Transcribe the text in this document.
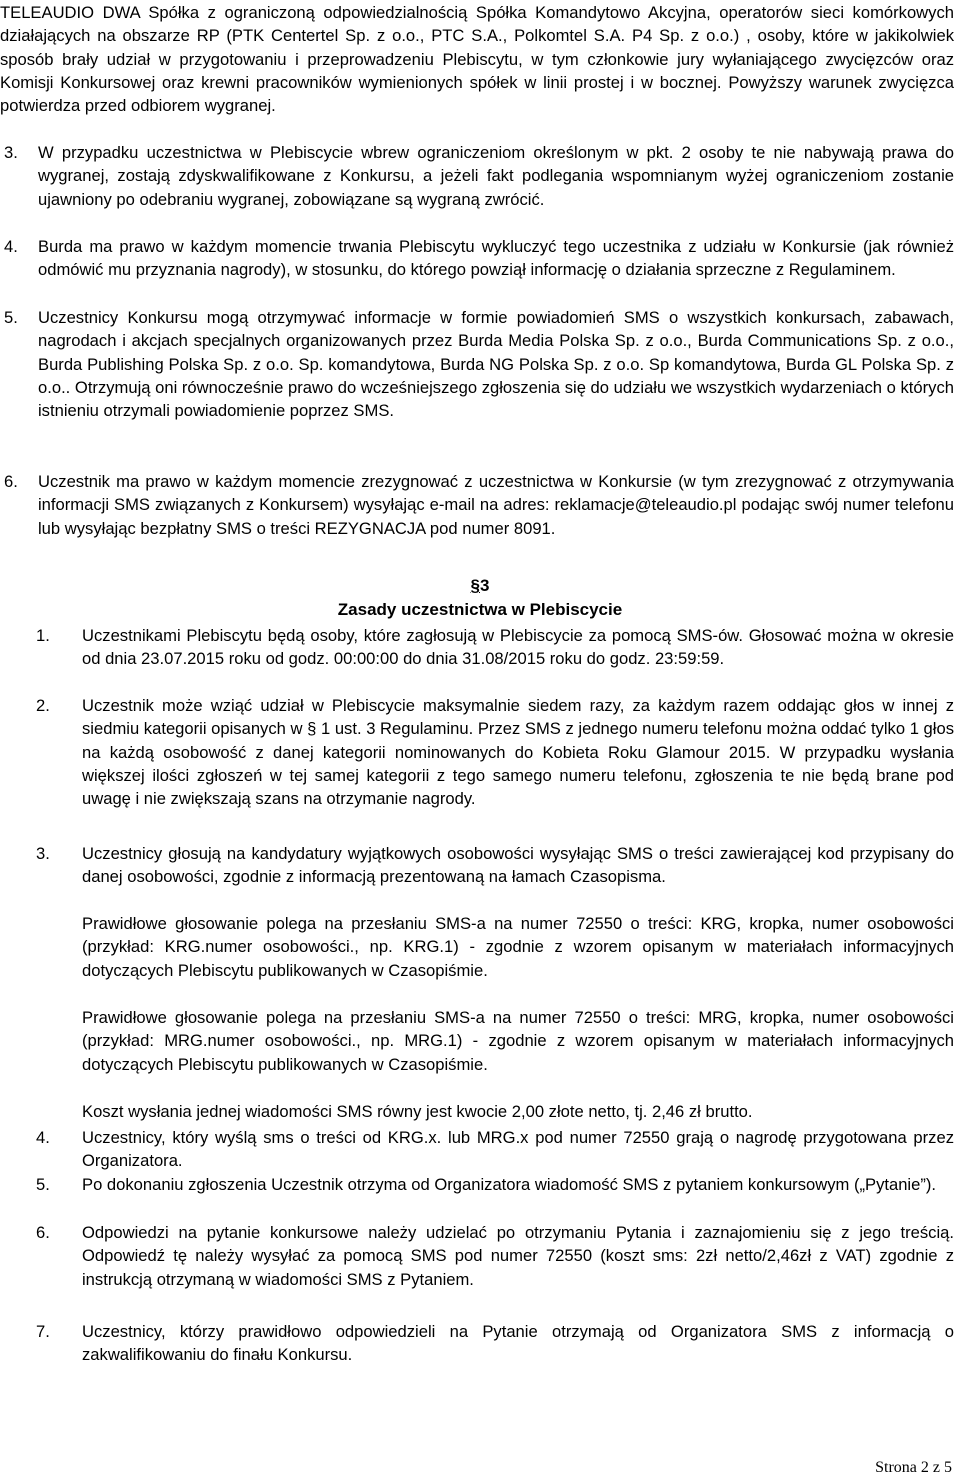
TELEAUDIO DWA Spółka z ograniczoną odpowiedzialnością Spółka Komandytowo Akcyjna, operatorów sieci komórkowych działających na obszarze RP (PTK Centertel Sp. z o.o., PTC S.A., Polkomtel S.A. P4 Sp. z o.o.) , osoby, które w jakikolwiek sposób brały udział w przygotowaniu i przeprowadzeniu Plebiscytu, w tym członkowie jury wyłaniającego zwycięzców oraz Komisji Konkursowej oraz krewni pracowników wymienionych spółek w linii prostej i w bocznej. Powyższy warunek zwycięzca potwierdza przed odbiorem wygranej.
3. W przypadku uczestnictwa w Plebiscycie wbrew ograniczeniom określonym w pkt. 2 osoby te nie nabywają prawa do wygranej, zostają zdyskwalifikowane z Konkursu, a jeżeli fakt podlegania wspomnianym wyżej ograniczeniom zostanie ujawniony po odebraniu wygranej, zobowiązane są wygraną zwrócić.
4. Burda ma prawo w każdym momencie trwania Plebiscytu wykluczyć tego uczestnika z udziału w Konkursie (jak również odmówić mu przyznania nagrody), w stosunku, do którego powziął informację o działania sprzeczne z Regulaminem.
5. Uczestnicy Konkursu mogą otrzymywać informacje w formie powiadomień SMS o wszystkich konkursach, zabawach, nagrodach i akcjach specjalnych organizowanych przez Burda Media Polska Sp. z o.o., Burda Communications Sp. z o.o., Burda Publishing Polska Sp. z o.o. Sp. komandytowa, Burda NG Polska Sp. z o.o. Sp komandytowa, Burda GL Polska Sp. z o.o.. Otrzymują oni równocześnie prawo do wcześniejszego zgłoszenia się do udziału we wszystkich wydarzeniach o których istnieniu otrzymali powiadomienie poprzez SMS.
6. Uczestnik ma prawo w każdym momencie zrezygnować z uczestnictwa w Konkursie (w tym zrezygnować z otrzymywania informacji SMS związanych z Konkursem) wysyłając e-mail na adres: reklamacje@teleaudio.pl podając swój numer telefonu lub wysyłając bezpłatny SMS o treści REZYGNACJA pod numer 8091.
§3
Zasady uczestnictwa w Plebiscycie
1. Uczestnikami Plebiscytu będą osoby, które zagłosują w Plebiscycie za pomocą SMS-ów. Głosować można w okresie od dnia 23.07.2015 roku od godz. 00:00:00 do dnia 31.08/2015 roku do godz. 23:59:59.
2. Uczestnik może wziąć udział w Plebiscycie maksymalnie siedem razy, za każdym razem oddając głos w innej z siedmiu kategorii opisanych w § 1 ust. 3 Regulaminu. Przez SMS z jednego numeru telefonu można oddać tylko 1 głos na każdą osobowość z danej kategorii nominowanych do Kobieta Roku Glamour 2015. W przypadku wysłania większej ilości zgłoszeń w tej samej kategorii z tego samego numeru telefonu, zgłoszenia te nie będą brane pod uwagę i nie zwiększają szans na otrzymanie nagrody.
3. Uczestnicy głosują na kandydatury wyjątkowych osobowości wysyłając SMS o treści zawierającej kod przypisany do danej osobowości, zgodnie z informacją prezentowaną na łamach Czasopisma.
Prawidłowe głosowanie polega na przesłaniu SMS-a na numer 72550 o treści: KRG, kropka, numer osobowości (przykład: KRG.numer osobowości., np. KRG.1) - zgodnie z wzorem opisanym w materiałach informacyjnych dotyczących Plebiscytu publikowanych w Czasopiśmie.
Prawidłowe głosowanie polega na przesłaniu SMS-a na numer 72550 o treści: MRG, kropka, numer osobowości (przykład: MRG.numer osobowości., np. MRG.1) - zgodnie z wzorem opisanym w materiałach informacyjnych dotyczących Plebiscytu publikowanych w Czasopiśmie.
Koszt wysłania jednej wiadomości SMS równy jest kwocie 2,00 złote netto, tj. 2,46 zł brutto.
4. Uczestnicy, który wyślą sms o treści od KRG.x. lub MRG.x pod numer 72550 grają o nagrodę przygotowana przez Organizatora.
5. Po dokonaniu zgłoszenia Uczestnik otrzyma od Organizatora wiadomość SMS z pytaniem konkursowym („Pytanie”).
6. Odpowiedzi na pytanie konkursowe należy udzielać po otrzymaniu Pytania i zaznajomieniu się z jego treścią. Odpowiedź tę należy wysyłać za pomocą SMS pod numer 72550 (koszt sms: 2zł netto/2,46zł z VAT) zgodnie z instrukcją otrzymaną w wiadomości SMS z Pytaniem.
7. Uczestnicy, którzy prawidłowo odpowiedzieli na Pytanie otrzymają od Organizatora SMS z informacją o zakwalifikowaniu do finału Konkursu.
Strona 2 z 5
